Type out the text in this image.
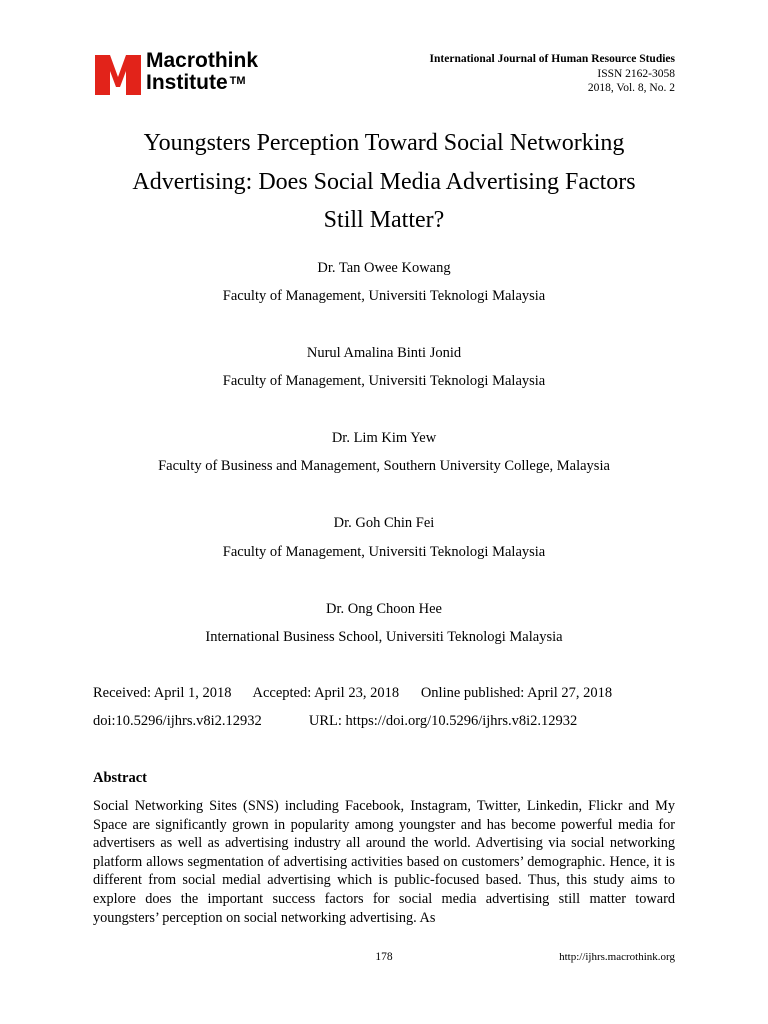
Macrothink
Institute ™
International Journal of Human Resource Studies
ISSN 2162-3058
2018, Vol. 8, No. 2
Youngsters Perception Toward Social Networking
Advertising: Does Social Media Advertising Factors
Still Matter?
Dr. Tan Owee Kowang
Faculty of Management, Universiti Teknologi Malaysia
Nurul Amalina Binti Jonid
Faculty of Management, Universiti Teknologi Malaysia
Dr. Lim Kim Yew
Faculty of Business and Management, Southern University College, Malaysia
Dr. Goh Chin Fei
Faculty of Management, Universiti Teknologi Malaysia
Dr. Ong Choon Hee
International Business School, Universiti Teknologi Malaysia
Received: April 1, 2018 Accepted: April 23, 2018 Online published: April 27, 2018
doi:10.5296/ijhrs.v8i2.12932	URL: https://doi.org/10.5296/ijhrs.v8i2.12932
Abstract
Social Networking Sites (SNS) including Facebook, Instagram, Twitter, Linkedin, Flickr and My Space are significantly grown in popularity among youngster and has become powerful media for advertisers as well as advertising industry all around the world. Advertising via social networking platform allows segmentation of advertising activities based on customers’ demographic. Hence, it is different from social medial advertising which is public-focused based. Thus, this study aims to explore does the important success factors for social media advertising still matter toward youngsters’ perception on social networking advertising. As
178	http://ijhrs.macrothink.org
